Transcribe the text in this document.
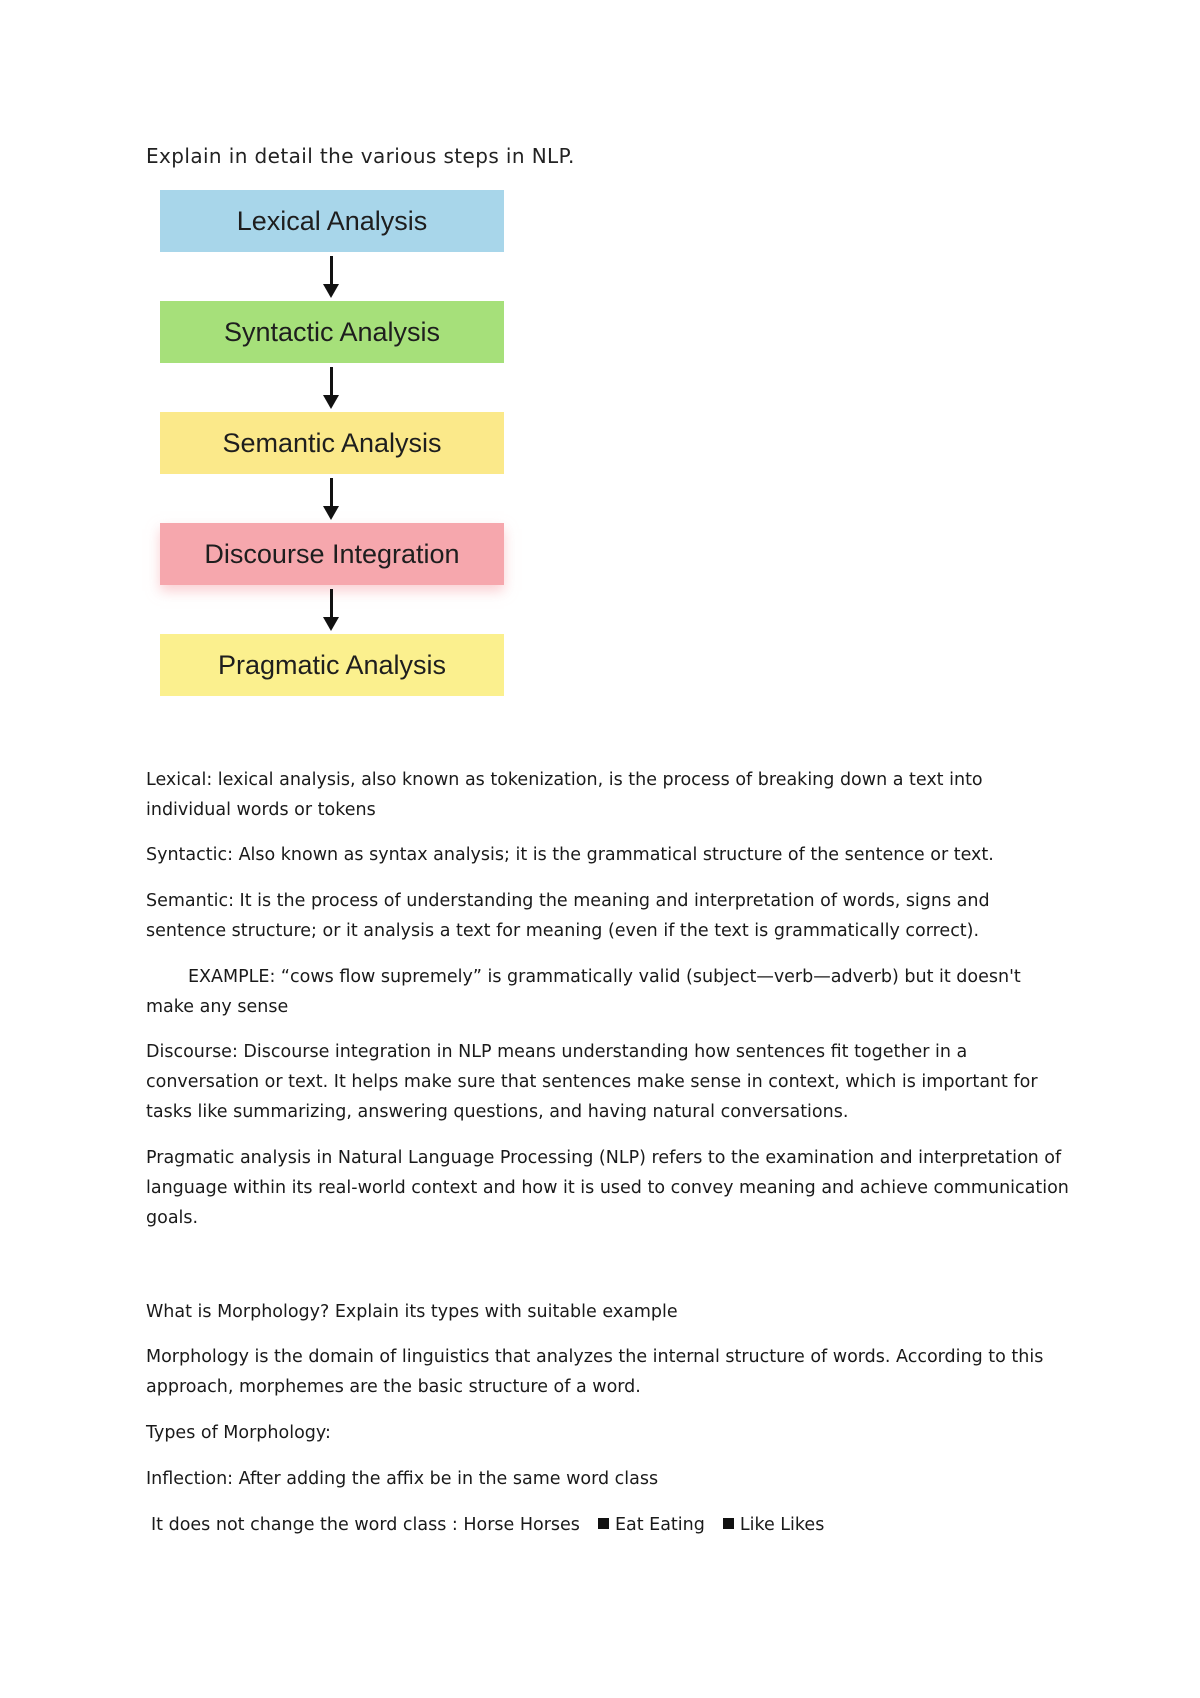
Explain in detail the various steps in NLP.
Lexical Analysis
Syntactic Analysis
Semantic Analysis
Discourse Integration
Pragmatic Analysis
Lexical: lexical analysis, also known as tokenization, is the process of breaking down a text into individual words or tokens
Syntactic: Also known as syntax analysis; it is the grammatical structure of the sentence or text.
Semantic: It is the process of understanding the meaning and interpretation of words, signs and sentence structure; or it analysis a text for meaning (even if the text is grammatically correct).
EXAMPLE: “cows flow supremely” is grammatically valid (subject—verb—adverb) but it doesn't make any sense
Discourse: Discourse integration in NLP means understanding how sentences fit together in a conversation or text. It helps make sure that sentences make sense in context, which is important for tasks like summarizing, answering questions, and having natural conversations.
Pragmatic analysis in Natural Language Processing (NLP) refers to the examination and interpretation of language within its real-world context and how it is used to convey meaning and achieve communication goals.
What is Morphology? Explain its types with suitable example
Morphology is the domain of linguistics that analyzes the internal structure of words. According to this approach, morphemes are the basic structure of a word.
Types of Morphology:
Inflection: After adding the affix be in the same word class
It does not change the word class : Horse Horses Eat Eating Like Likes
